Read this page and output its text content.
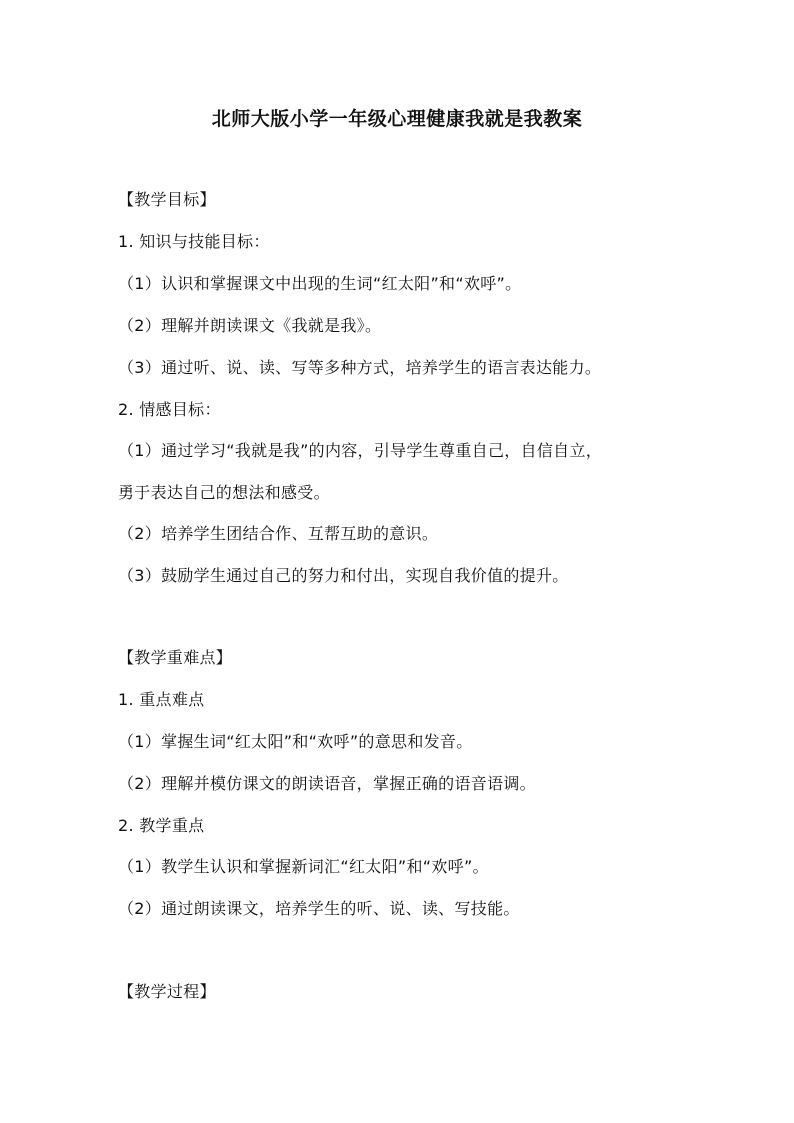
北师大版小学一年级心理健康我就是我教案
【教学目标】
1. 知识与技能目标：
（1）认识和掌握课文中出现的生词“红太阳”和“欢呼”。
（2）理解并朗读课文《我就是我》。
（3）通过听、说、读、写等多种方式，培养学生的语言表达能力。
2. 情感目标：
（1）通过学习“我就是我”的内容，引导学生尊重自己，自信自立，
勇于表达自己的想法和感受。
（2）培养学生团结合作、互帮互助的意识。
（3）鼓励学生通过自己的努力和付出，实现自我价值的提升。
【教学重难点】
1. 重点难点
（1）掌握生词“红太阳”和“欢呼”的意思和发音。
（2）理解并模仿课文的朗读语音，掌握正确的语音语调。
2. 教学重点
（1）教学生认识和掌握新词汇“红太阳”和“欢呼”。
（2）通过朗读课文，培养学生的听、说、读、写技能。
【教学过程】
